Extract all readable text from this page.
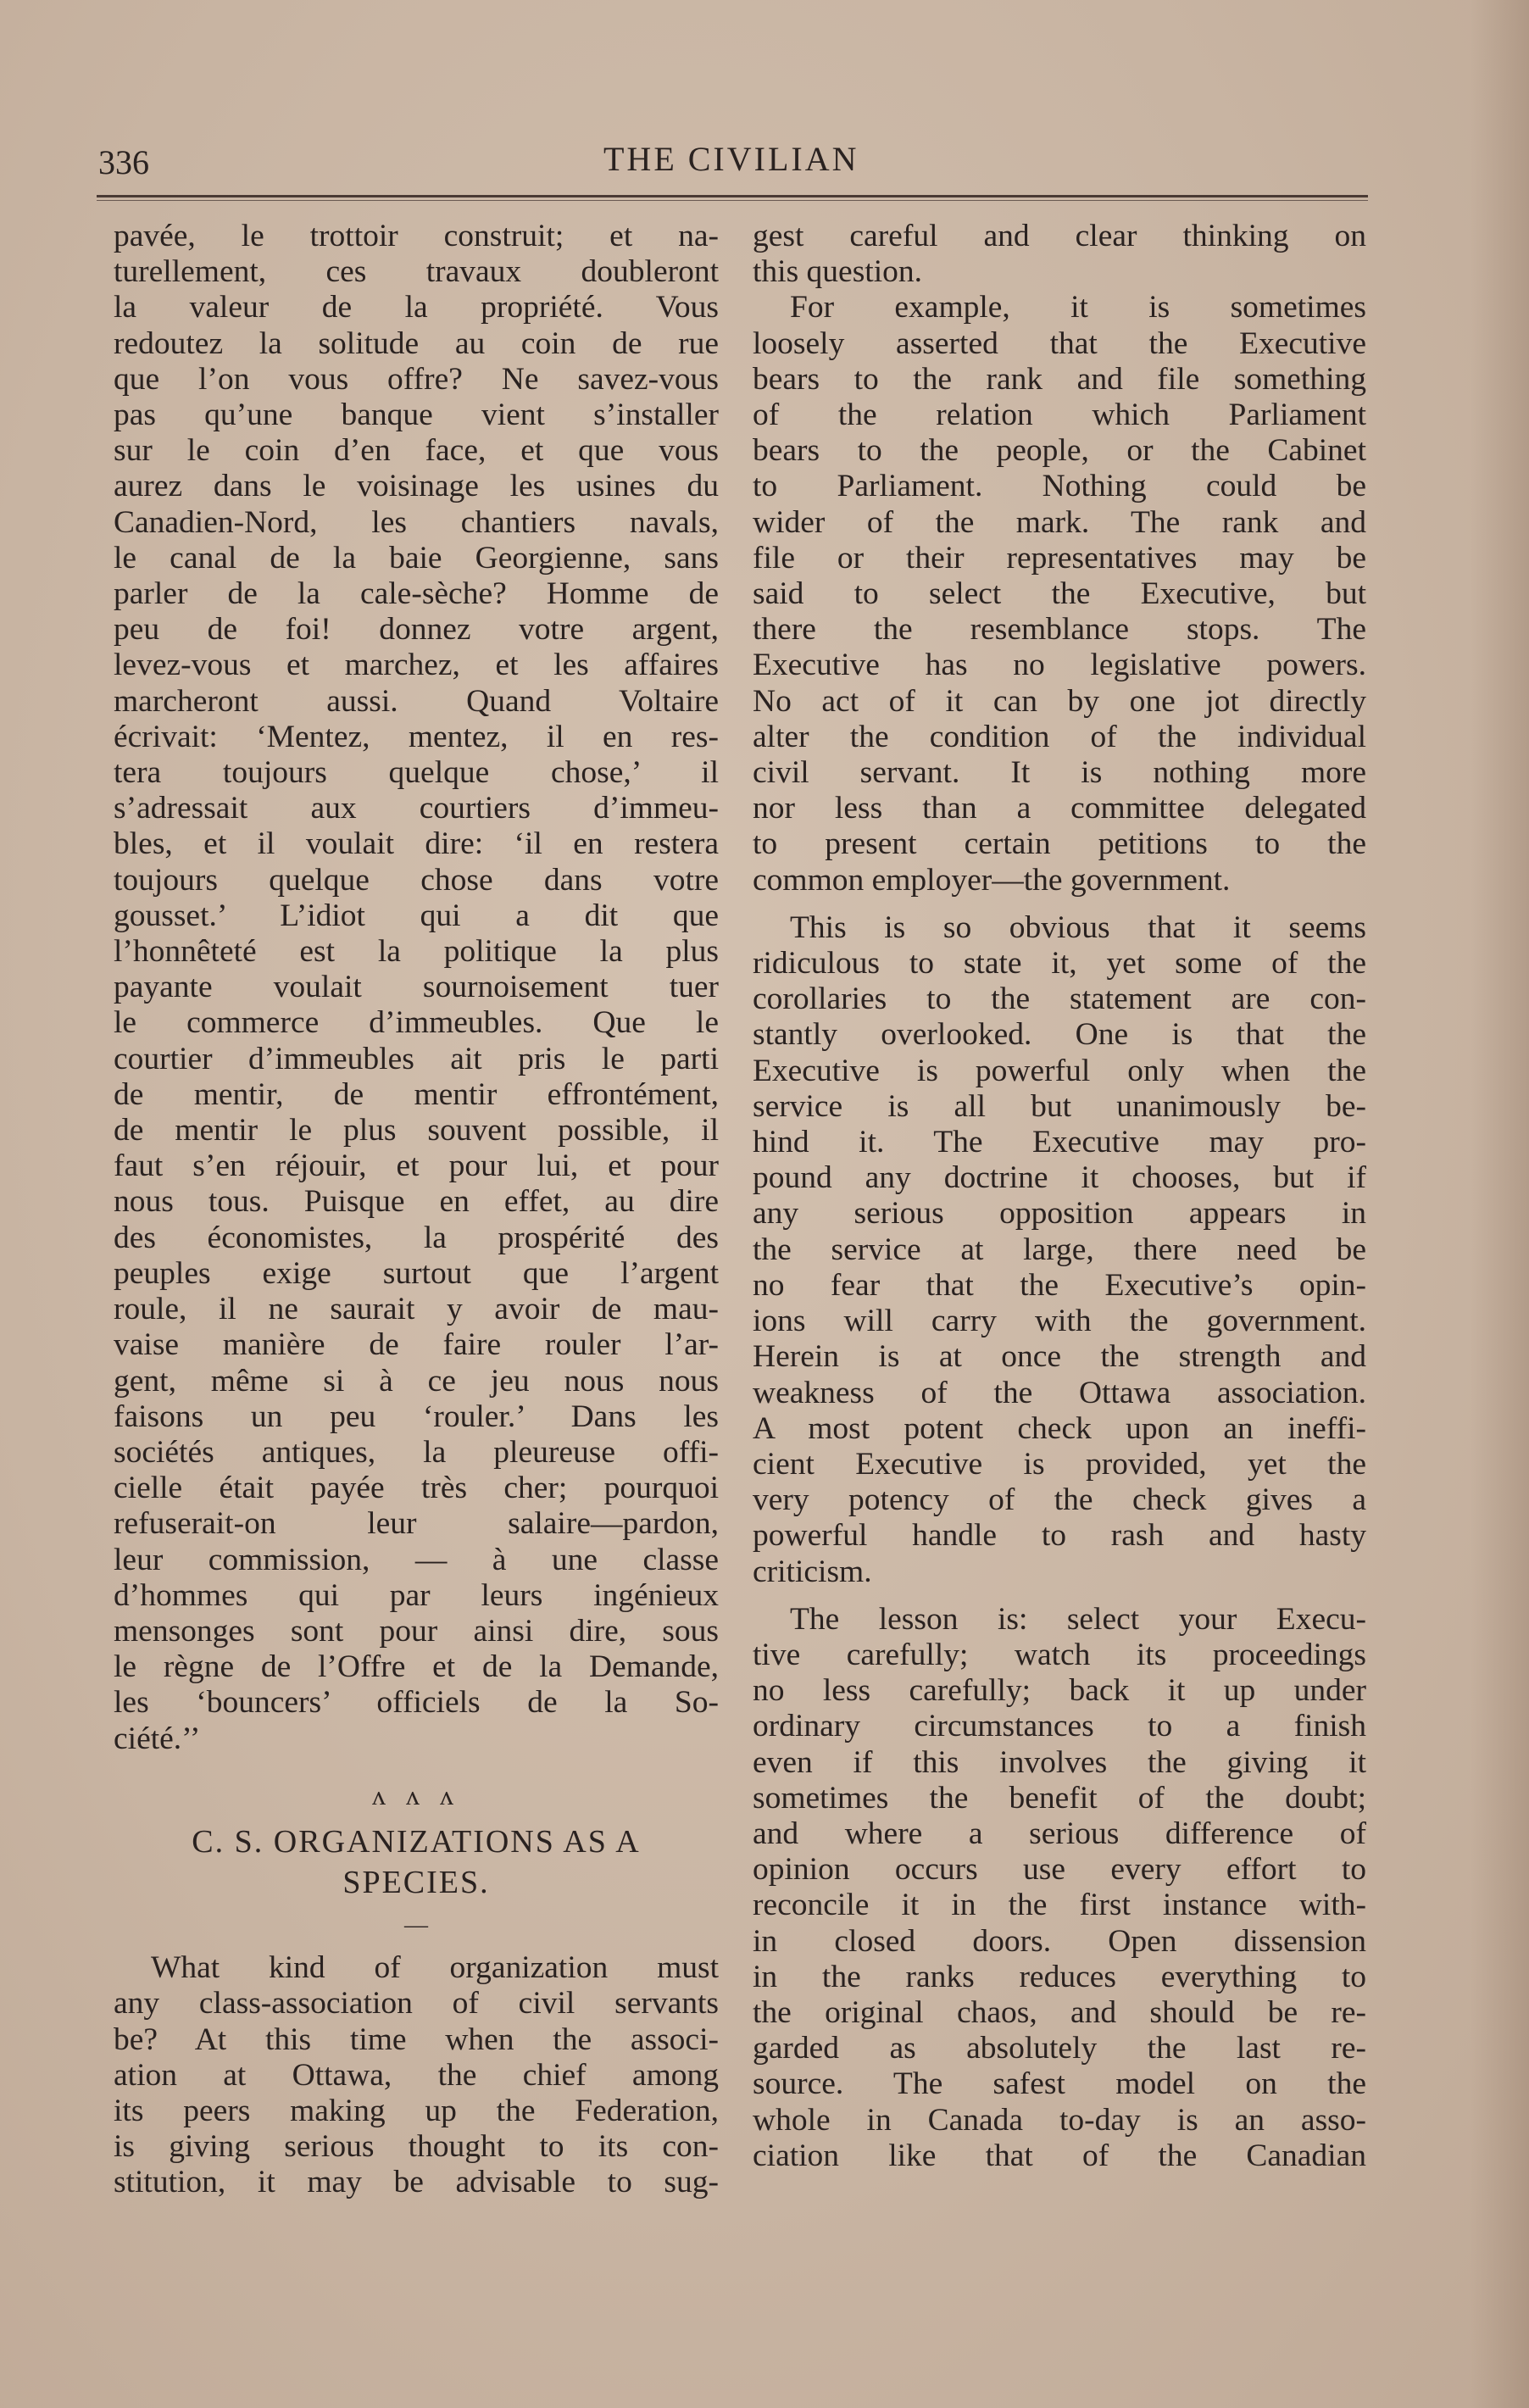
336	THE CIVILIAN
pavée, le trottoir construit; et na-
turellement, ces travaux doubleront
la valeur de la propriété. Vous
redoutez la solitude au coin de rue
que l’on vous offre? Ne savez-vous
pas qu’une banque vient s’installer
sur le coin d’en face, et que vous
aurez dans le voisinage les usines du
Canadien-Nord, les chantiers navals,
le canal de la baie Georgienne, sans
parler de la cale-sèche? Homme de
peu de foi! donnez votre argent,
levez-vous et marchez, et les affaires
marcheront aussi. Quand Voltaire
écrivait: ‘Mentez, mentez, il en res-
tera toujours quelque chose,’ il
s’adressait aux courtiers d’immeu-
bles, et il voulait dire: ‘il en restera
toujours quelque chose dans votre
gousset.’ L’idiot qui a dit que
l’honnêteté est la politique la plus
payante voulait sournoisement tuer
le commerce d’immeubles. Que le
courtier d’immeubles ait pris le parti
de mentir, de mentir effrontément,
de mentir le plus souvent possible, il
faut s’en réjouir, et pour lui, et pour
nous tous. Puisque en effet, au dire
des économistes, la prospérité des
peuples exige surtout que l’argent
roule, il ne saurait y avoir de mau-
vaise manière de faire rouler l’ar-
gent, même si à ce jeu nous nous
faisons un peu ‘rouler.’ Dans les
sociétés antiques, la pleureuse offi-
cielle était payée très cher; pourquoi
refuserait-on leur salaire—pardon,
leur commission, — à une classe
d’hommes qui par leurs ingénieux
mensonges sont pour ainsi dire, sous
le règne de l’Offre et de la Demande,
les ‘bouncers’ officiels de la So-
ciété.’’
ʌ ʌ ʌ
C. S. ORGANIZATIONS AS A
SPECIES.
—
What kind of organization must
any class-association of civil servants
be? At this time when the associ-
ation at Ottawa, the chief among
its peers making up the Federation,
is giving serious thought to its con-
stitution, it may be advisable to sug-
gest careful and clear thinking on
this question.
For example, it is sometimes
loosely asserted that the Executive
bears to the rank and file something
of the relation which Parliament
bears to the people, or the Cabinet
to Parliament. Nothing could be
wider of the mark. The rank and
file or their representatives may be
said to select the Executive, but
there the resemblance stops. The
Executive has no legislative powers.
No act of it can by one jot directly
alter the condition of the individual
civil servant. It is nothing more
nor less than a committee delegated
to present certain petitions to the
common employer—the government.
This is so obvious that it seems
ridiculous to state it, yet some of the
corollaries to the statement are con-
stantly overlooked. One is that the
Executive is powerful only when the
service is all but unanimously be-
hind it. The Executive may pro-
pound any doctrine it chooses, but if
any serious opposition appears in
the service at large, there need be
no fear that the Executive’s opin-
ions will carry with the government.
Herein is at once the strength and
weakness of the Ottawa association.
A most potent check upon an ineffi-
cient Executive is provided, yet the
very potency of the check gives a
powerful handle to rash and hasty
criticism.
The lesson is: select your Execu-
tive carefully; watch its proceedings
no less carefully; back it up under
ordinary circumstances to a finish
even if this involves the giving it
sometimes the benefit of the doubt;
and where a serious difference of
opinion occurs use every effort to
reconcile it in the first instance with-
in closed doors. Open dissension
in the ranks reduces everything to
the original chaos, and should be re-
garded as absolutely the last re-
source. The safest model on the
whole in Canada to-day is an asso-
ciation like that of the Canadian
